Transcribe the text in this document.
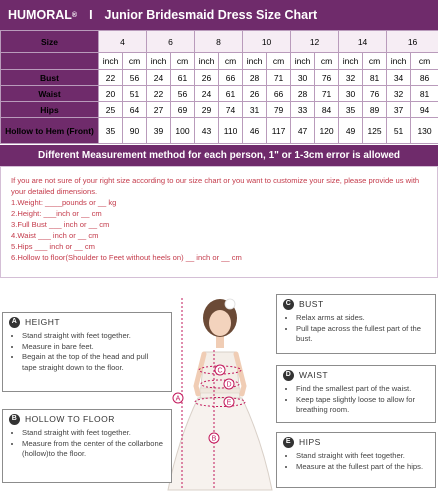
HUMORAL ® I Junior Bridesmaid Dress Size Chart
Size	4		6		8		10		12		14		16	
	inch	cm	inch	cm	inch	cm	inch	cm	inch	cm	inch	cm	inch	cm
Bust	22	56	24	61	26	66	28	71	30	76	32	81	34	86
Waist	20	51	22	56	24	61	26	66	28	71	30	76	32	81
Hips	25	64	27	69	29	74	31	79	33	84	35	89	37	94
Hollow to Hem (Front)	35	90	39	100	43	110	46	117	47	120	49	125	51	130
Different Measurement method for each person, 1" or 1-3cm error is allowed
If you are not sure of your right size according to our size chart or you want to customize your size, please provide us with your detailed dimensions.
1.Weight: ____pounds or __ kg
2.Height: ___inch or __ cm
3.Full Bust ___ inch or __ cm
4.Waist ___ inch or __ cm
5.Hips ___ inch or __ cm
6.Hollow to floor(Shoulder to Feet without heels on) __ inch or __ cm
A
B
C
D
E
A HEIGHT
• Stand straight with feet together.
• Measure in bare feet.
• Begain at the top of the head and pull tape straight down to the floor.
B HOLLOW TO FLOOR
• Stand straight with feet together.
• Measure from the center of the collarbone (hollow)to the floor.
C BUST
• Relax arms at sides.
• Pull tape across the fullest part of the bust.
D WAIST
• Find the smallest part of the waist.
• Keep tape slightly loose to allow for breathing room.
E HIPS
• Stand straight with feet together.
• Measure at the fullest part of the hips.
